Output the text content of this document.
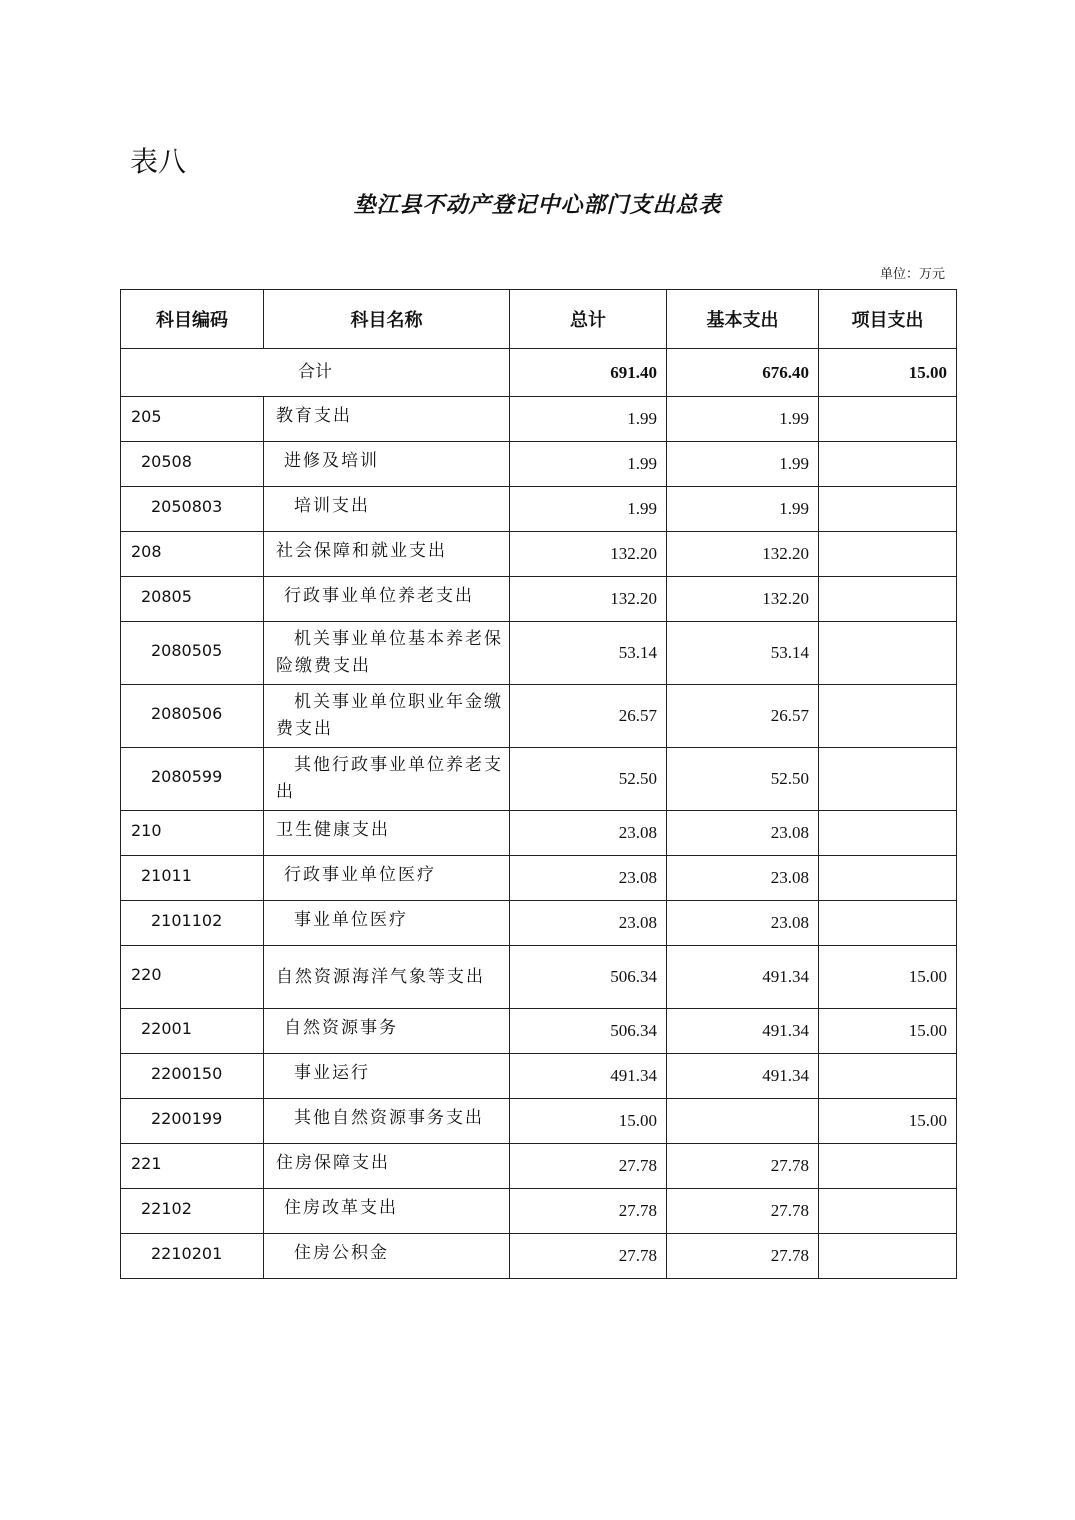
表八
垫江县不动产登记中心部门支出总表
单位：万元
科目编码	科目名称	总计	基本支出	项目支出
合计		691.40	676.40	15.00
205	教育支出	1.99	1.99	
20508	进修及培训	1.99	1.99	
2050803	培训支出	1.99	1.99	
208	社会保障和就业支出	132.20	132.20	
20805	行政事业单位养老支出	132.20	132.20	
2080505	机关事业单位基本养老保险缴费支出	53.14	53.14	
2080506	机关事业单位职业年金缴费支出	26.57	26.57	
2080599	其他行政事业单位养老支出	52.50	52.50	
210	卫生健康支出	23.08	23.08	
21011	行政事业单位医疗	23.08	23.08	
2101102	事业单位医疗	23.08	23.08	
220	自然资源海洋气象等支出	506.34	491.34	15.00
22001	自然资源事务	506.34	491.34	15.00
2200150	事业运行	491.34	491.34	
2200199	其他自然资源事务支出	15.00		15.00
221	住房保障支出	27.78	27.78	
22102	住房改革支出	27.78	27.78	
2210201	住房公积金	27.78	27.78	
